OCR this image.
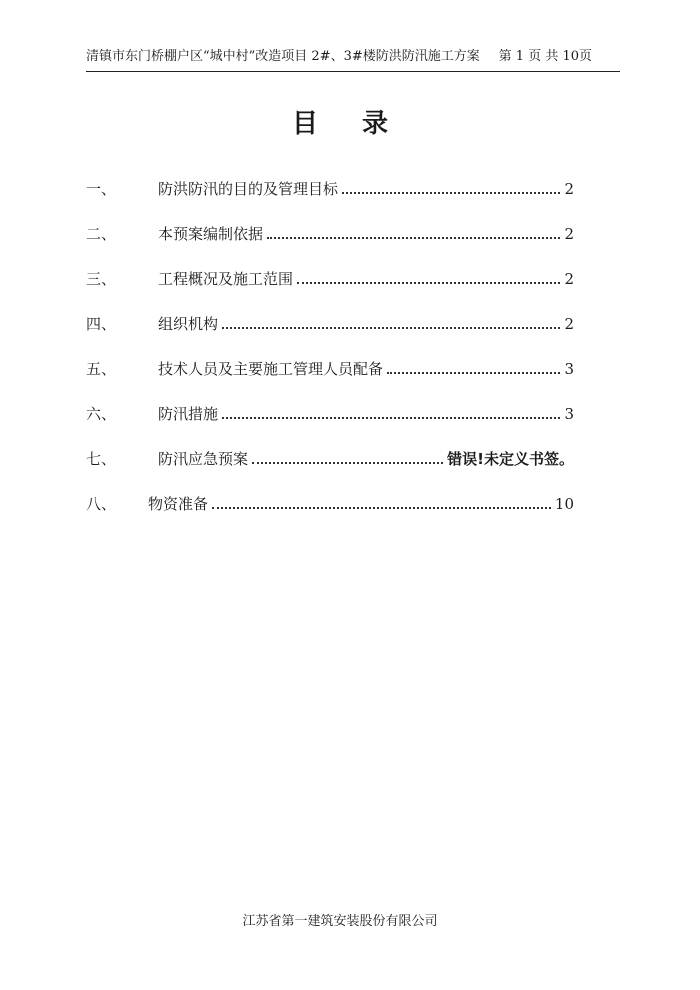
清镇市东门桥棚户区“城中村”改造项目 2#、3#楼防洪防汛施工方案 第 1 页 共 10页
目 录
一、	防洪防汛的目的及管理目标	2
二、	本预案编制依据	2
三、	工程概况及施工范围	2
四、	组织机构	2
五、	技术人员及主要施工管理人员配备	3
六、	防汛措施	3
七、	防汛应急预案	错误!未定义书签。
八、	物资准备	10
江苏省第一建筑安装股份有限公司
